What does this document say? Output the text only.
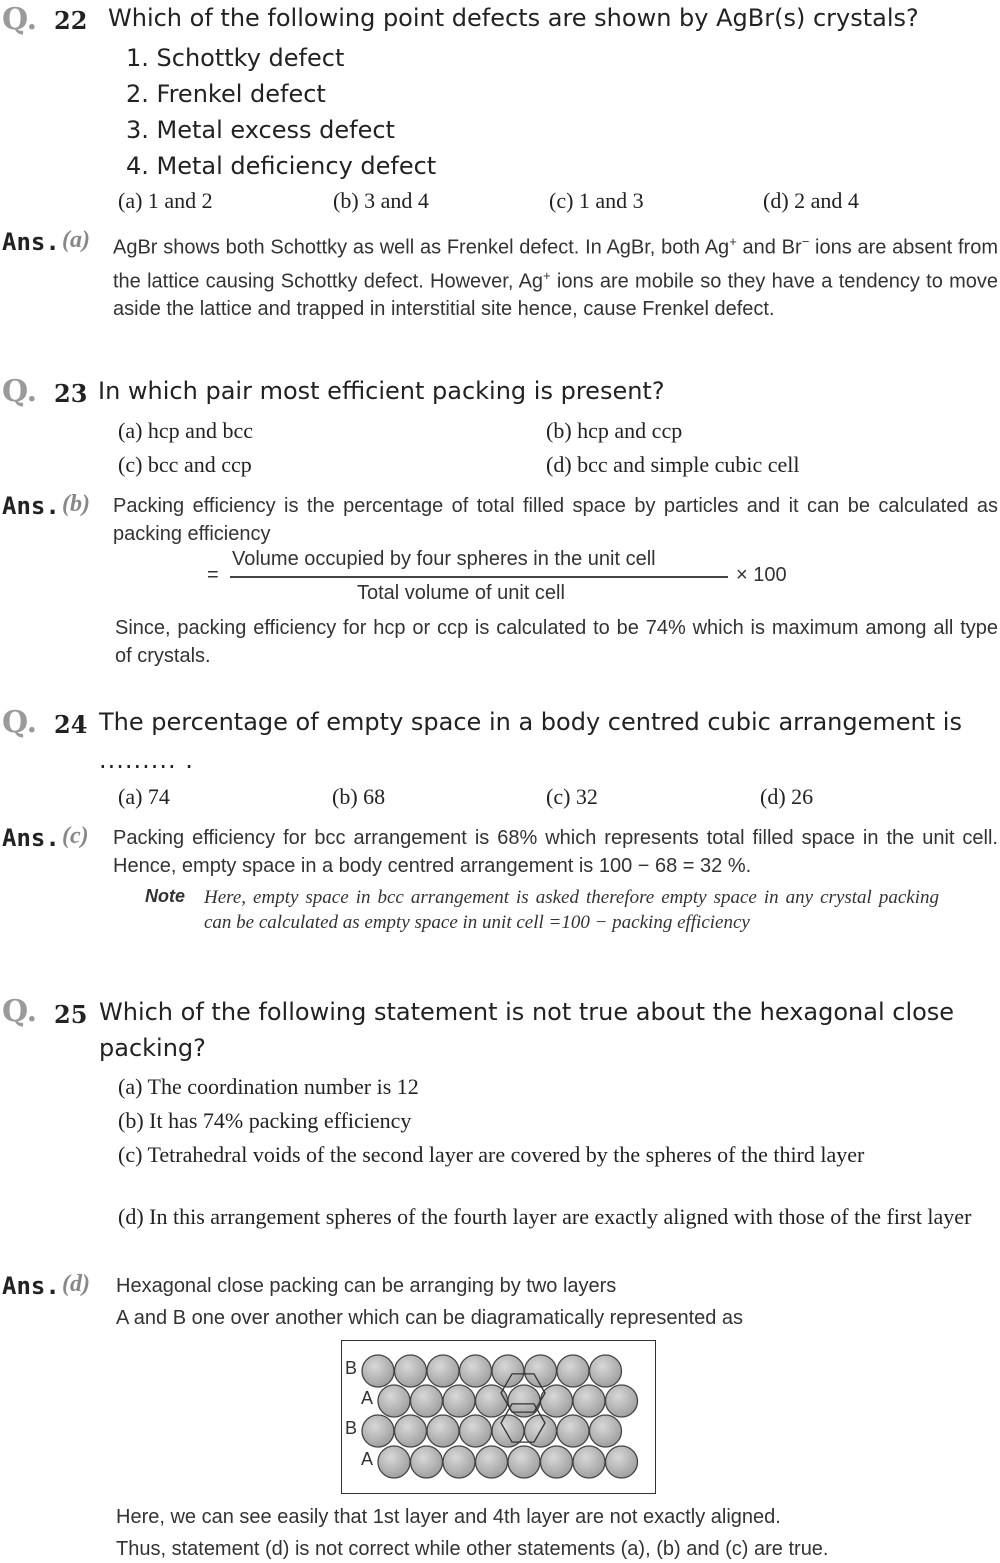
Q. 22 Which of the following point defects are shown by AgBr(s) crystals?
1. Schottky defect
2. Frenkel defect
3. Metal excess defect
4. Metal deficiency defect
(a) 1 and 2	(b) 3 and 4	(c) 1 and 3	(d) 2 and 4
Ans. (a) AgBr shows both Schottky as well as Frenkel defect. In AgBr, both Ag+ and Br− ions are absent from the lattice causing Schottky defect. However, Ag+ ions are mobile so they have a tendency to move aside the lattice and trapped in interstitial site hence, cause Frenkel defect.
Q. 23 In which pair most efficient packing is present?
(a) hcp and bcc	(b) hcp and ccp
(c) bcc and ccp	(d) bcc and simple cubic cell
Ans. (b) Packing efficiency is the percentage of total filled space by particles and it can be calculated as packing efficiency
=
Volume occupied by four spheres in the unit cell
Total volume of unit cell
× 100
Since, packing efficiency for hcp or ccp is calculated to be 74% which is maximum among all type of crystals.
Q. 24 The percentage of empty space in a body centred cubic arrangement is
......... .
(a) 74	(b) 68	(c) 32	(d) 26
Ans. (c) Packing efficiency for bcc arrangement is 68% which represents total filled space in the unit cell. Hence, empty space in a body centred arrangement is 100 − 68 = 32 %.
Note Here, empty space in bcc arrangement is asked therefore empty space in any crystal packing can be calculated as empty space in unit cell =100 − packing efficiency
Q. 25 Which of the following statement is not true about the hexagonal close
packing?
(a) The coordination number is 12
(b) It has 74% packing efficiency
(c) Tetrahedral voids of the second layer are covered by the spheres of the third layer
(d) In this arrangement spheres of the fourth layer are exactly aligned with those of the first layer
Ans. (d) Hexagonal close packing can be arranging by two layers
A and B one over another which can be diagramatically represented as
B
A
B
A
Here, we can see easily that 1st layer and 4th layer are not exactly aligned.
Thus, statement (d) is not correct while other statements (a), (b) and (c) are true.
